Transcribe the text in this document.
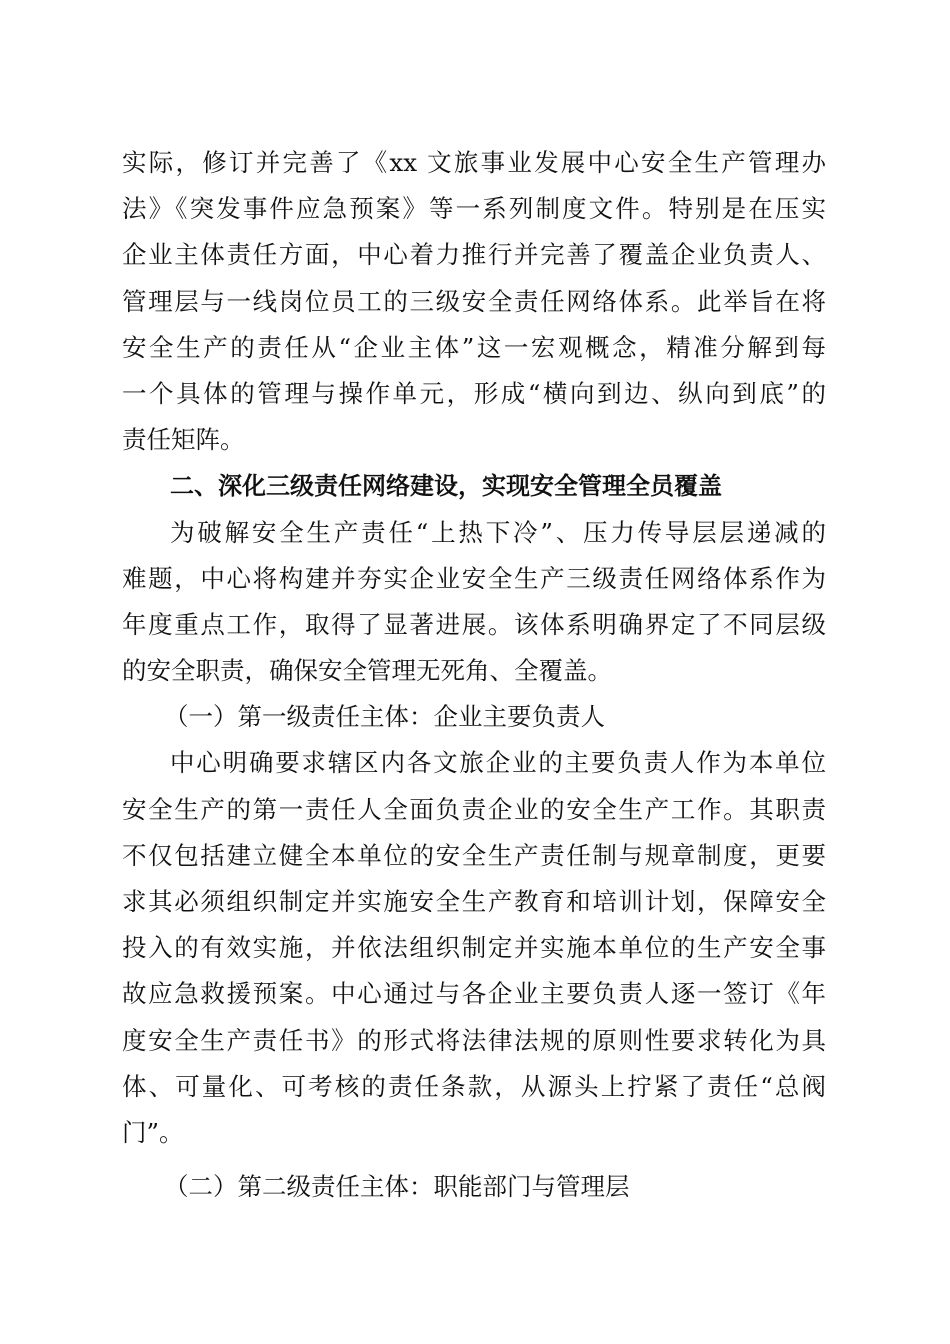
实际，修订并完善了《xx 文旅事业发展中心安全生产管理办
法》《突发事件应急预案》等一系列制度文件。特别是在压实
企业主体责任方面，中心着力推行并完善了覆盖企业负责人、
管理层与一线岗位员工的三级安全责任网络体系。此举旨在将
安全生产的责任从“企业主体”这一宏观概念，精准分解到每
一个具体的管理与操作单元，形成“横向到边、纵向到底”的
责任矩阵。
二、深化三级责任网络建设，实现安全管理全员覆盖
为破解安全生产责任“上热下冷”、压力传导层层递减的
难题，中心将构建并夯实企业安全生产三级责任网络体系作为
年度重点工作，取得了显著进展。该体系明确界定了不同层级
的安全职责，确保安全管理无死角、全覆盖。
（一）第一级责任主体：企业主要负责人
中心明确要求辖区内各文旅企业的主要负责人作为本单位
安全生产的第一责任人全面负责企业的安全生产工作。其职责
不仅包括建立健全本单位的安全生产责任制与规章制度，更要
求其必须组织制定并实施安全生产教育和培训计划，保障安全
投入的有效实施，并依法组织制定并实施本单位的生产安全事
故应急救援预案。中心通过与各企业主要负责人逐一签订《年
度安全生产责任书》的形式将法律法规的原则性要求转化为具
体、可量化、可考核的责任条款，从源头上拧紧了责任“总阀
门”。
（二）第二级责任主体：职能部门与管理层
